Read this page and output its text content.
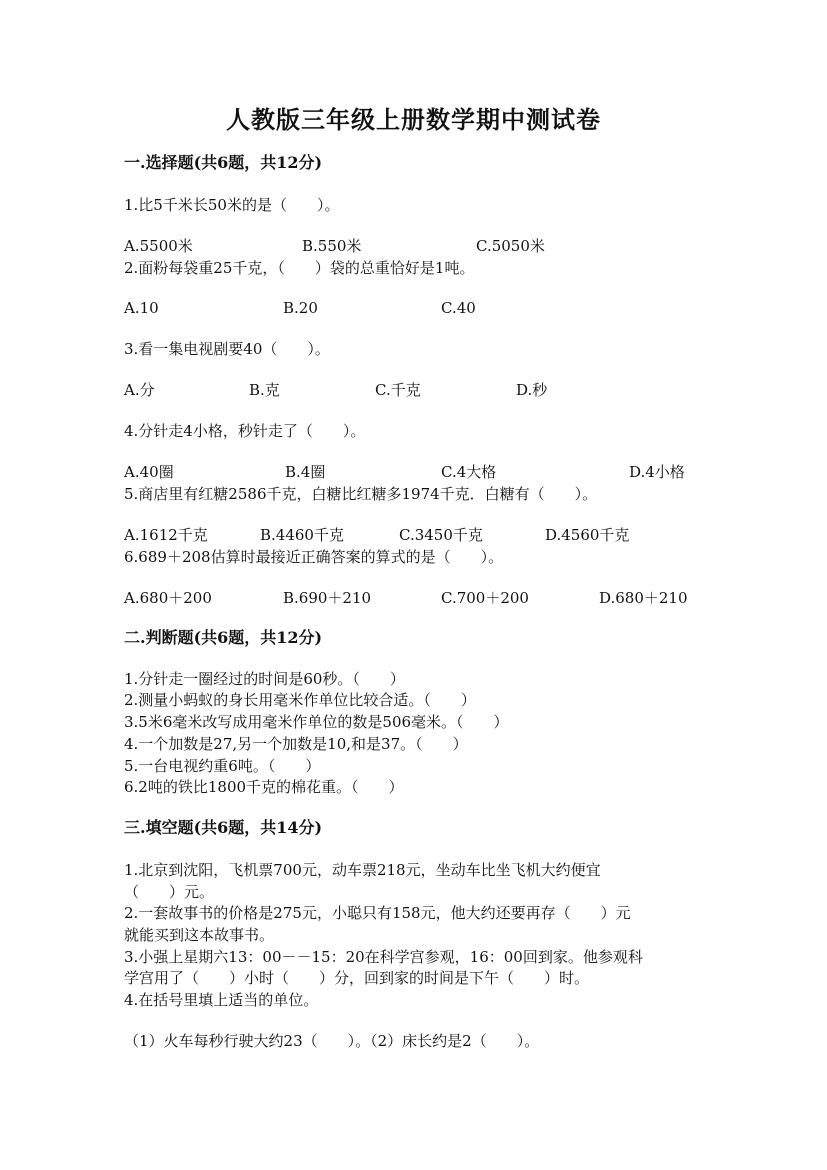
人教版三年级上册数学期中测试卷
一.选择题(共6题，共12分)
1.比5千米长50米的是（　　）。
A.5500米	B.550米	C.5050米
2.面粉每袋重25千克，（　　）袋的总重恰好是1吨。
A.10	B.20	C.40
3.看一集电视剧要40（　　）。
A.分	B.克	C.千克	D.秒
4.分针走4小格，秒针走了（　　）。
A.40圈	B.4圈	C.4大格	D.4小格
5.商店里有红糖2586千克，白糖比红糖多1974千克．白糖有（　　）。
A.1612千克	B.4460千克	C.3450千克	D.4560千克
6.689＋208估算时最接近正确答案的算式的是（　　）。
A.680＋200	B.690＋210	C.700＋200	D.680＋210
二.判断题(共6题，共12分)
1.分针走一圈经过的时间是60秒。（　　）
2.测量小蚂蚁的身长用毫米作单位比较合适。（　　）
3.5米6毫米改写成用毫米作单位的数是506毫米。（　　）
4.一个加数是27,另一个加数是10,和是37。（　　）
5.一台电视约重6吨。（　　）
6.2吨的铁比1800千克的棉花重。（　　）
三.填空题(共6题，共14分)
1.北京到沈阳，飞机票700元，动车票218元，坐动车比坐飞机大约便宜
（　　）元。
2.一套故事书的价格是275元，小聪只有158元，他大约还要再存（　　）元
就能买到这本故事书。
3.小强上星期六13：00－－15：20在科学宫参观，16：00回到家。他参观科
学宫用了（　　）小时（　　）分，回到家的时间是下午（　　）时。
4.在括号里填上适当的单位。
（1）火车每秒行驶大约23（　　）。（2）床长约是2（　　）。
